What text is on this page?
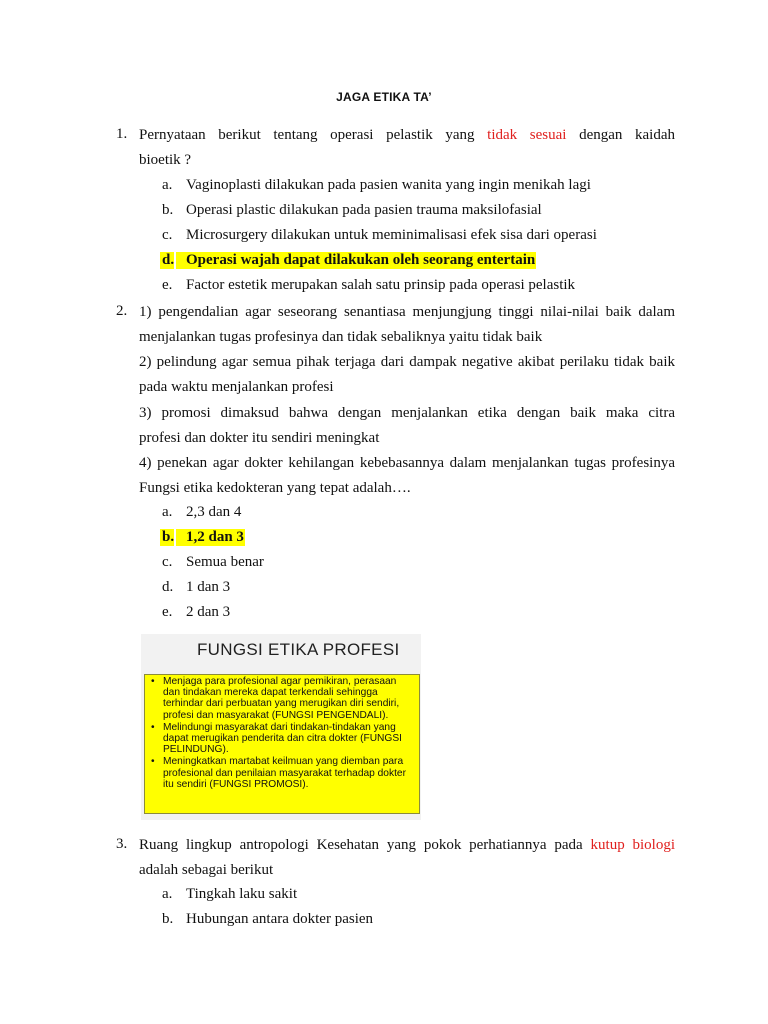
JAGA ETIKA TA’
1. Pernyataan berikut tentang operasi pelastik yang tidak sesuai dengan kaidah
bioetik ?
a. Vaginoplasti dilakukan pada pasien wanita yang ingin menikah lagi
b. Operasi plastic dilakukan pada pasien trauma maksilofasial
c. Microsurgery dilakukan untuk meminimalisasi efek sisa dari operasi
d. Operasi wajah dapat dilakukan oleh seorang entertain
e. Factor estetik merupakan salah satu prinsip pada operasi pelastik
2. 1) pengendalian agar seseorang senantiasa menjungjung tinggi nilai-nilai baik dalam
menjalankan tugas profesinya dan tidak sebaliknya yaitu tidak baik
2) pelindung agar semua pihak terjaga dari dampak negative akibat perilaku tidak baik
pada waktu menjalankan profesi
3) promosi dimaksud bahwa dengan menjalankan etika dengan baik maka citra
profesi dan dokter itu sendiri meningkat
4) penekan agar dokter kehilangan kebebasannya dalam menjalankan tugas profesinya
Fungsi etika kedokteran yang tepat adalah….
a. 2,3 dan 4
b. 1,2 dan 3
c. Semua benar
d. 1 dan 3
e. 2 dan 3
FUNGSI ETIKA PROFESI
• Menjaga para profesional agar pemikiran, perasaan dan tindakan mereka dapat terkendali sehingga terhindar dari perbuatan yang merugikan diri sendiri, profesi dan masyarakat (FUNGSI PENGENDALI).
• Melindungi masyarakat dari tindakan-tindakan yang dapat merugikan penderita dan citra dokter (FUNGSI PELINDUNG).
• Meningkatkan martabat keilmuan yang diemban para profesional dan penilaian masyarakat terhadap dokter itu sendiri (FUNGSI PROMOSI).
3. Ruang lingkup antropologi Kesehatan yang pokok perhatiannya pada kutup biologi
adalah sebagai berikut
a. Tingkah laku sakit
b. Hubungan antara dokter pasien
